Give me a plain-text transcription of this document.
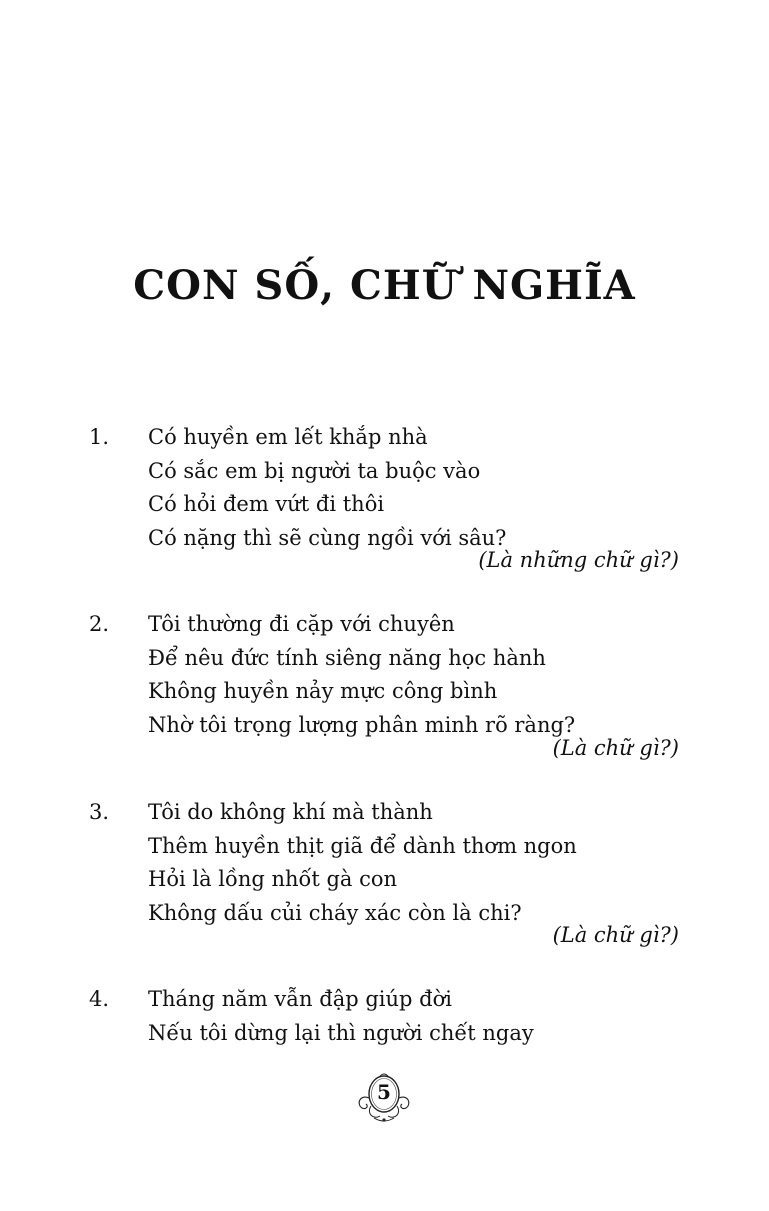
CON SỐ, CHỮ NGHĨA
1. Có huyền em lết khắp nhà
Có sắc em bị người ta buộc vào
Có hỏi đem vứt đi thôi
Có nặng thì sẽ cùng ngồi với sâu?
(Là những chữ gì?)
2. Tôi thường đi cặp với chuyên
Để nêu đức tính siêng năng học hành
Không huyền nảy mực công bình
Nhờ tôi trọng lượng phân minh rõ ràng?
(Là chữ gì?)
3. Tôi do không khí mà thành
Thêm huyền thịt giã để dành thơm ngon
Hỏi là lồng nhốt gà con
Không dấu củi cháy xác còn là chi?
(Là chữ gì?)
4. Tháng năm vẫn đập giúp đời
Nếu tôi dừng lại thì người chết ngay
5
